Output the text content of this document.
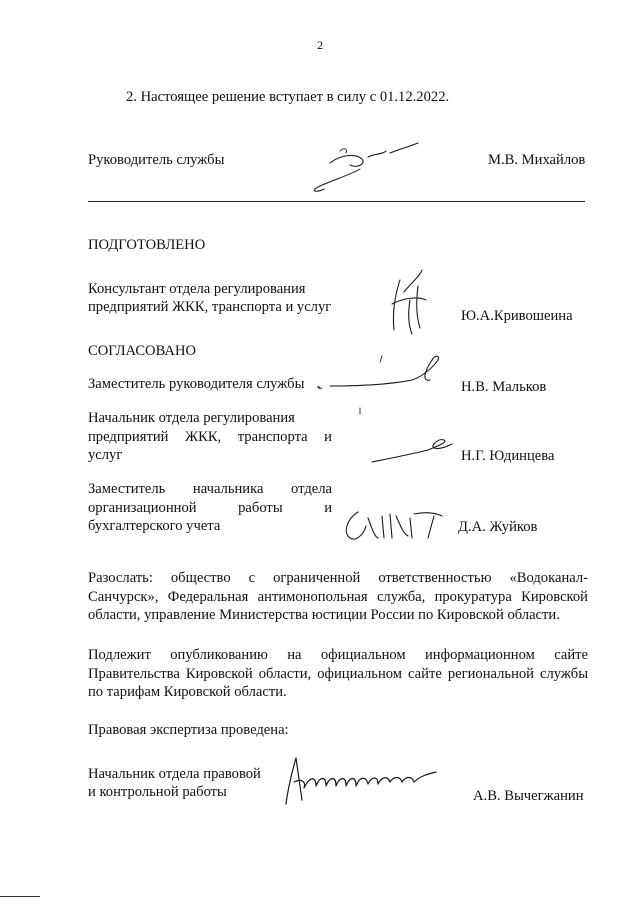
2
2. Настоящее решение вступает в силу с 01.12.2022.
Руководитель службы	М.В. Михайлов
ПОДГОТОВЛЕНО
Консультант отдела регулирования
предприятий ЖКК, транспорта и услуг
Ю.А.Кривошеина
СОГЛАСОВАНО
Заместитель руководителя службы	Н.В. Мальков
Начальник отдела регулирования
предприятий ЖКК, транспорта и
услуг	Н.Г. Юдинцева
Заместитель начальника отдела
организационной работы и
бухгалтерского учета	Д.А. Жуйков
Разослать: общество с ограниченной ответственностью «Водоканал-
Санчурск», Федеральная антимонопольная служба, прокуратура Кировской
области, управление Министерства юстиции России по Кировской области.
Подлежит опубликованию на официальном информационном сайте
Правительства Кировской области, официальном сайте региональной службы
по тарифам Кировской области.
Правовая экспертиза проведена:
Начальник отдела правовой
и контрольной работы	А.В. Вычегжанин
